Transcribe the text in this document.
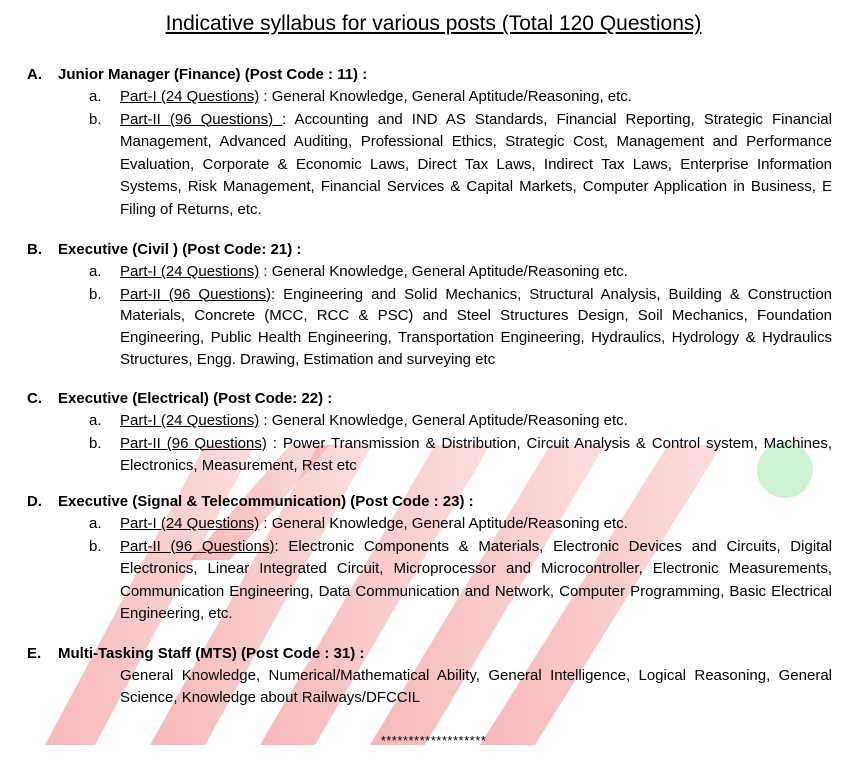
Indicative syllabus for various posts (Total 120 Questions)
A. Junior Manager (Finance) (Post Code : 11) :
a. Part-I (24 Questions) : General Knowledge, General Aptitude/Reasoning, etc.
b. Part-II (96 Questions) : Accounting and IND AS Standards, Financial Reporting, Strategic Financial Management, Advanced Auditing, Professional Ethics, Strategic Cost, Management and Performance Evaluation, Corporate & Economic Laws, Direct Tax Laws, Indirect Tax Laws, Enterprise Information Systems, Risk Management, Financial Services & Capital Markets, Computer Application in Business, E Filing of Returns, etc.
B. Executive (Civil ) (Post Code: 21) :
a. Part-I (24 Questions) : General Knowledge, General Aptitude/Reasoning etc.
b. Part-II (96 Questions): Engineering and Solid Mechanics, Structural Analysis, Building & Construction Materials, Concrete (MCC, RCC & PSC) and Steel Structures Design, Soil Mechanics, Foundation Engineering, Public Health Engineering, Transportation Engineering, Hydraulics, Hydrology & Hydraulics Structures, Engg. Drawing, Estimation and surveying etc
C. Executive (Electrical) (Post Code: 22) :
a. Part-I (24 Questions) : General Knowledge, General Aptitude/Reasoning etc.
b. Part-II (96 Questions) : Power Transmission & Distribution, Circuit Analysis & Control system, Machines, Electronics, Measurement, Rest etc
D. Executive (Signal & Telecommunication) (Post Code : 23) :
a. Part-I (24 Questions) : General Knowledge, General Aptitude/Reasoning etc.
b. Part-II (96 Questions): Electronic Components & Materials, Electronic Devices and Circuits, Digital Electronics, Linear Integrated Circuit, Microprocessor and Microcontroller, Electronic Measurements, Communication Engineering, Data Communication and Network, Computer Programming, Basic Electrical Engineering, etc.
E. Multi-Tasking Staff (MTS) (Post Code : 31) :
General Knowledge, Numerical/Mathematical Ability, General Intelligence, Logical Reasoning, General Science, Knowledge about Railways/DFCCIL
*******************
